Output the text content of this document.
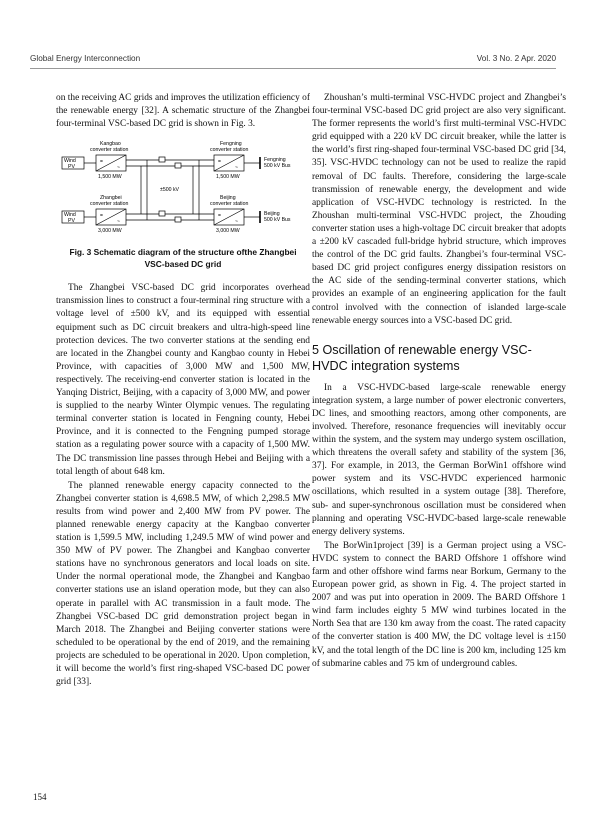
Global Energy Interconnection	Vol. 3 No. 2 Apr. 2020

on the receiving AC grids and improves the utilization efficiency of the renewable energy [32]. A schematic structure of the Zhangbei four-terminal VSC-based DC grid is shown in Fig. 3.

=
~
=
~
=
~
=
~
Kangbao
converter station
Fengning
converter station
Zhangbei
converter station
Beijing
converter station
Wind
PV
Wind
PV
Fengning
500 kV Bus
Beijing
500 kV Bus
1,500 MW	1,500 MW
3,000 MW	3,000 MW
±500 kV
Fig. 3 Schematic diagram of the structure ofthe Zhangbei
VSC-based DC grid

The Zhangbei VSC-based DC grid incorporates overhead transmission lines to construct a four-terminal ring structure with a voltage level of ±500 kV, and its equipped with essential equipment such as DC circuit breakers and ultra-high-speed line protection devices. The two converter stations at the sending end are located in the Zhangbei county and Kangbao county in Hebei Province, with capacities of 3,000 MW and 1,500 MW, respectively. The receiving-end converter station is located in the Yanqing District, Beijing, with a capacity of 3,000 MW, and power is supplied to the nearby Winter Olympic venues. The regulating terminal converter station is located in Fengning county, Hebei Province, and it is connected to the Fengning pumped storage station as a regulating power source with a capacity of 1,500 MW. The DC transmission line passes through Hebei and Beijing with a total length of about 648 km.

The planned renewable energy capacity connected to the Zhangbei converter station is 4,698.5 MW, of which 2,298.5 MW results from wind power and 2,400 MW from PV power. The planned renewable energy capacity at the Kangbao converter station is 1,599.5 MW, including 1,249.5 MW of wind power and 350 MW of PV power. The Zhangbei and Kangbao converter stations have no synchronous generators and local loads on site. Under the normal operational mode, the Zhangbei and Kangbao converter stations use an island operation mode, but they can also operate in parallel with AC transmission in a fault mode. The Zhangbei VSC-based DC grid demonstration project began in March 2018. The Zhangbei and Beijing converter stations were scheduled to be operational by the end of 2019, and the remaining projects are scheduled to be operational in 2020. Upon completion, it will become the world’s first ring-shaped VSC-based DC power grid [33].

Zhoushan’s multi-terminal VSC-HVDC project and Zhangbei’s four-terminal VSC-based DC grid project are also very significant. The former represents the world’s first multi-terminal VSC-HVDC grid equipped with a 220 kV DC circuit breaker, while the latter is the world’s first ring-shaped four-terminal VSC-based DC grid [34, 35]. VSC-HVDC technology can not be used to realize the rapid removal of DC faults. Therefore, considering the large-scale transmission of renewable energy, the development and wide application of VSC-HVDC technology is restricted. In the Zhoushan multi-terminal VSC-HVDC project, the Zhouding converter station uses a high-voltage DC circuit breaker that adopts a ±200 kV cascaded full-bridge hybrid structure, which improves the control of the DC grid faults. Zhangbei’s four-terminal VSC-based DC grid project configures energy dissipation resistors on the AC side of the sending-terminal converter stations, which provides an example of an engineering application for the fault control involved with the connection of islanded large-scale renewable energy sources into a VSC-based DC grid.

5 Oscillation of renewable energy VSC-HVDC integration systems

In a VSC-HVDC-based large-scale renewable energy integration system, a large number of power electronic converters, DC lines, and smoothing reactors, among other components, are involved. Therefore, resonance frequencies will inevitably occur within the system, and the system may undergo system oscillation, which threatens the overall safety and stability of the system [36, 37]. For example, in 2013, the German BorWin1 offshore wind power system and its VSC-HVDC experienced harmonic oscillations, which resulted in a system outage [38]. Therefore, sub- and super-synchronous oscillation must be considered when planning and operating VSC-HVDC-based large-scale renewable energy delivery systems.

The BorWin1project [39] is a German project using a VSC-HVDC system to connect the BARD Offshore 1 offshore wind farm and other offshore wind farms near Borkum, Germany to the European power grid, as shown in Fig. 4. The project started in 2007 and was put into operation in 2009. The BARD Offshore 1 wind farm includes eighty 5 MW wind turbines located in the North Sea that are 130 km away from the coast. The rated capacity of the converter station is 400 MW, the DC voltage level is ±150 kV, and the total length of the DC line is 200 km, including 125 km of submarine cables and 75 km of underground cables.

154
